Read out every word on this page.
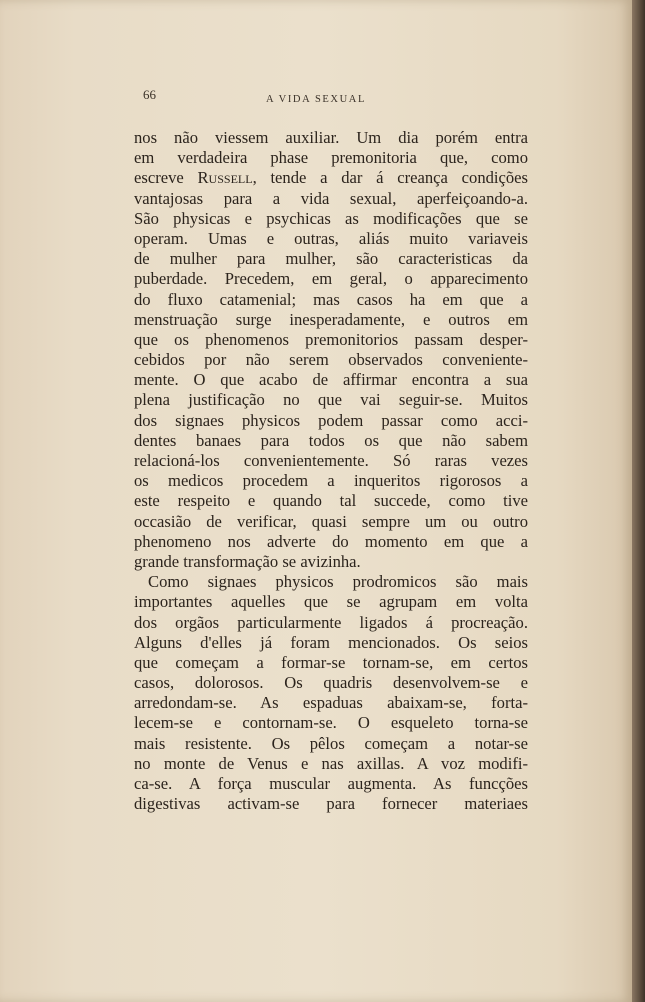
66	A VIDA SEXUAL
nos não viessem auxiliar. Um dia porém entra
em verdadeira phase premonitoria que, como
escreve Russell, tende a dar á creança condições
vantajosas para a vida sexual, aperfeiçoando-a.
São physicas e psychicas as modificações que se
operam. Umas e outras, aliás muito variaveis
de mulher para mulher, são caracteristicas da
puberdade. Precedem, em geral, o apparecimento
do fluxo catamenial; mas casos ha em que a
menstruação surge inesperadamente, e outros em
que os phenomenos premonitorios passam desper-
cebidos por não serem observados conveniente-
mente. O que acabo de affirmar encontra a sua
plena justificação no que vai seguir-se. Muitos
dos signaes physicos podem passar como acci-
dentes banaes para todos os que não sabem
relacioná-los convenientemente. Só raras vezes
os medicos procedem a inqueritos rigorosos a
este respeito e quando tal succede, como tive
occasião de verificar, quasi sempre um ou outro
phenomeno nos adverte do momento em que a
grande transformação se avizinha.
Como signaes physicos prodromicos são mais
importantes aquelles que se agrupam em volta
dos orgãos particularmente ligados á procreação.
Alguns d'elles já foram mencionados. Os seios
que começam a formar-se tornam-se, em certos
casos, dolorosos. Os quadris desenvolvem-se e
arredondam-se. As espaduas abaixam-se, forta-
lecem-se e contornam-se. O esqueleto torna-se
mais resistente. Os pêlos começam a notar-se
no monte de Venus e nas axillas. A voz modifi-
ca-se. A força muscular augmenta. As funcções
digestivas activam-se para fornecer materiaes
